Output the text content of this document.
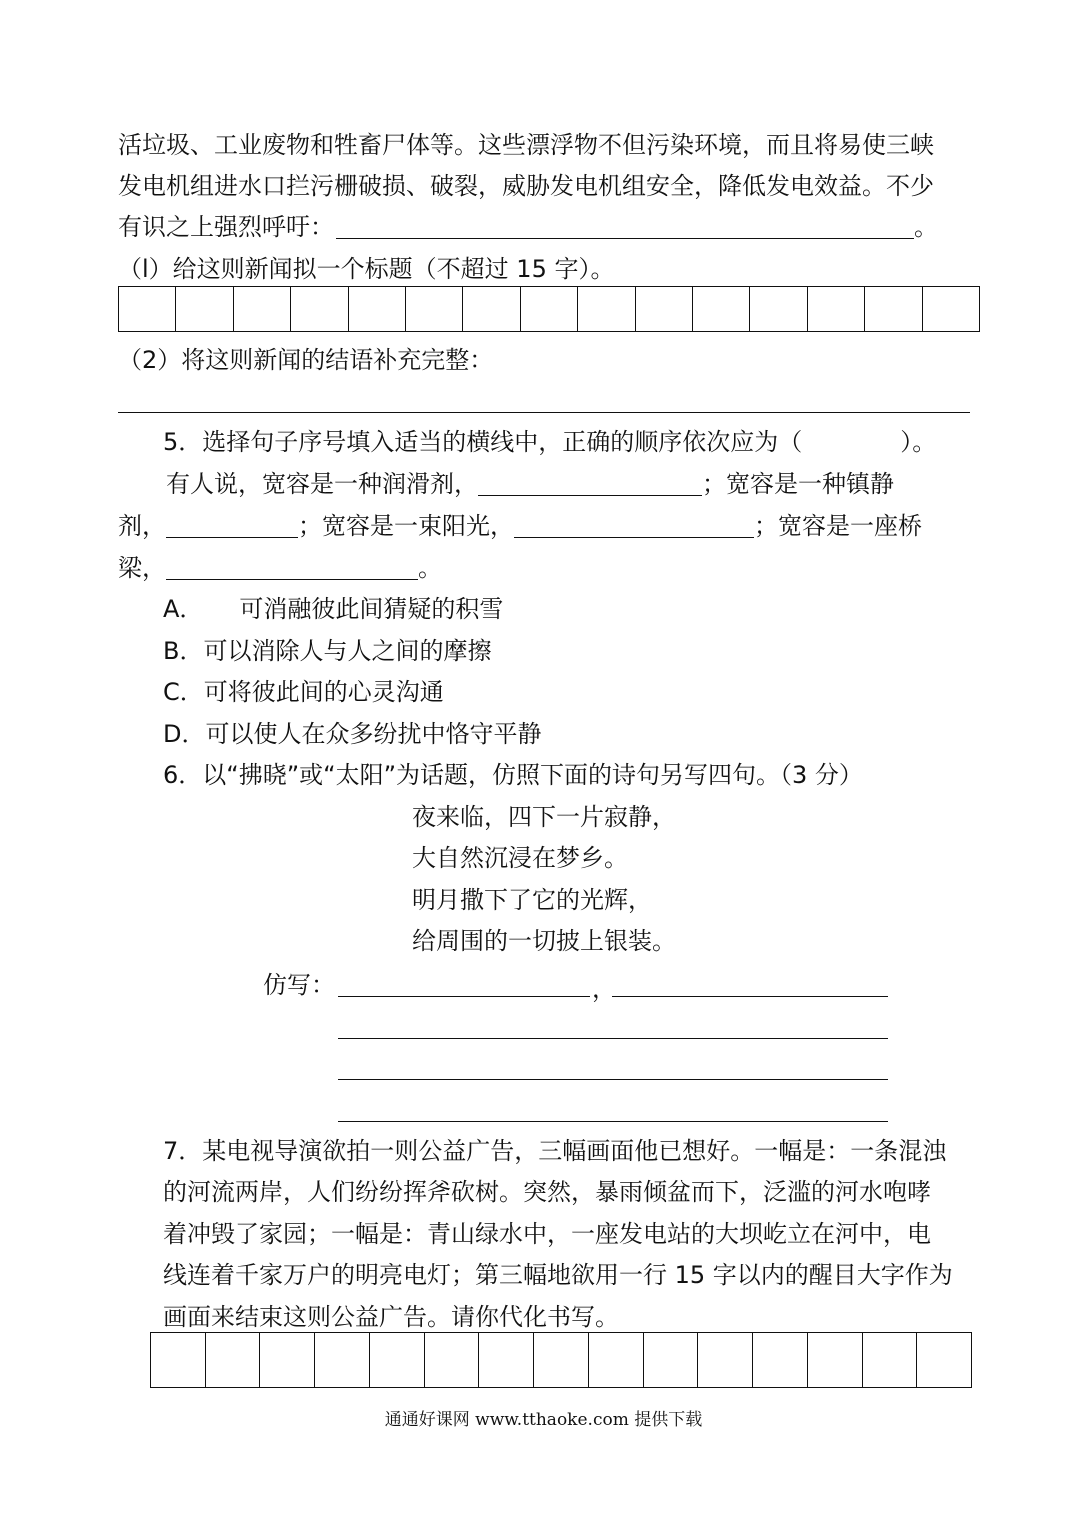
活垃圾、工业废物和牲畜尸体等。这些漂浮物不但污染环境，而且将易使三峡
发电机组进水口拦污栅破损、破裂，威胁发电机组安全，降低发电效益。不少
有识之上强烈呼吁：	。
（l）给这则新闻拟一个标题（不超过 15 字）。
（2）将这则新闻的结语补充完整：
5．选择句子序号填入适当的横线中，正确的顺序依次应为（	）。
有人说，宽容是一种润滑剂，	；宽容是一种镇静
剂，	；宽容是一束阳光，	；宽容是一座桥
梁，	。
A．　　可消融彼此间猜疑的积雪
B．可以消除人与人之间的摩擦
C．可将彼此间的心灵沟通
D．可以使人在众多纷扰中恪守平静
6．以“拂晓”或“太阳”为话题，仿照下面的诗句另写四句。（3 分）
夜来临，四下一片寂静，
大自然沉浸在梦乡。
明月撒下了它的光辉，
给周围的一切披上银装。
仿写：	，
7．某电视导演欲拍一则公益广告，三幅画面他已想好。一幅是：一条混浊
的河流两岸，人们纷纷挥斧砍树。突然，暴雨倾盆而下，泛滥的河水咆哮
着冲毁了家园；一幅是：青山绿水中，一座发电站的大坝屹立在河中，电
线连着千家万户的明亮电灯；第三幅地欲用一行 15 字以内的醒目大字作为
画面来结束这则公益广告。请你代化书写。
通通好课网 www.tthaoke.com 提供下载
